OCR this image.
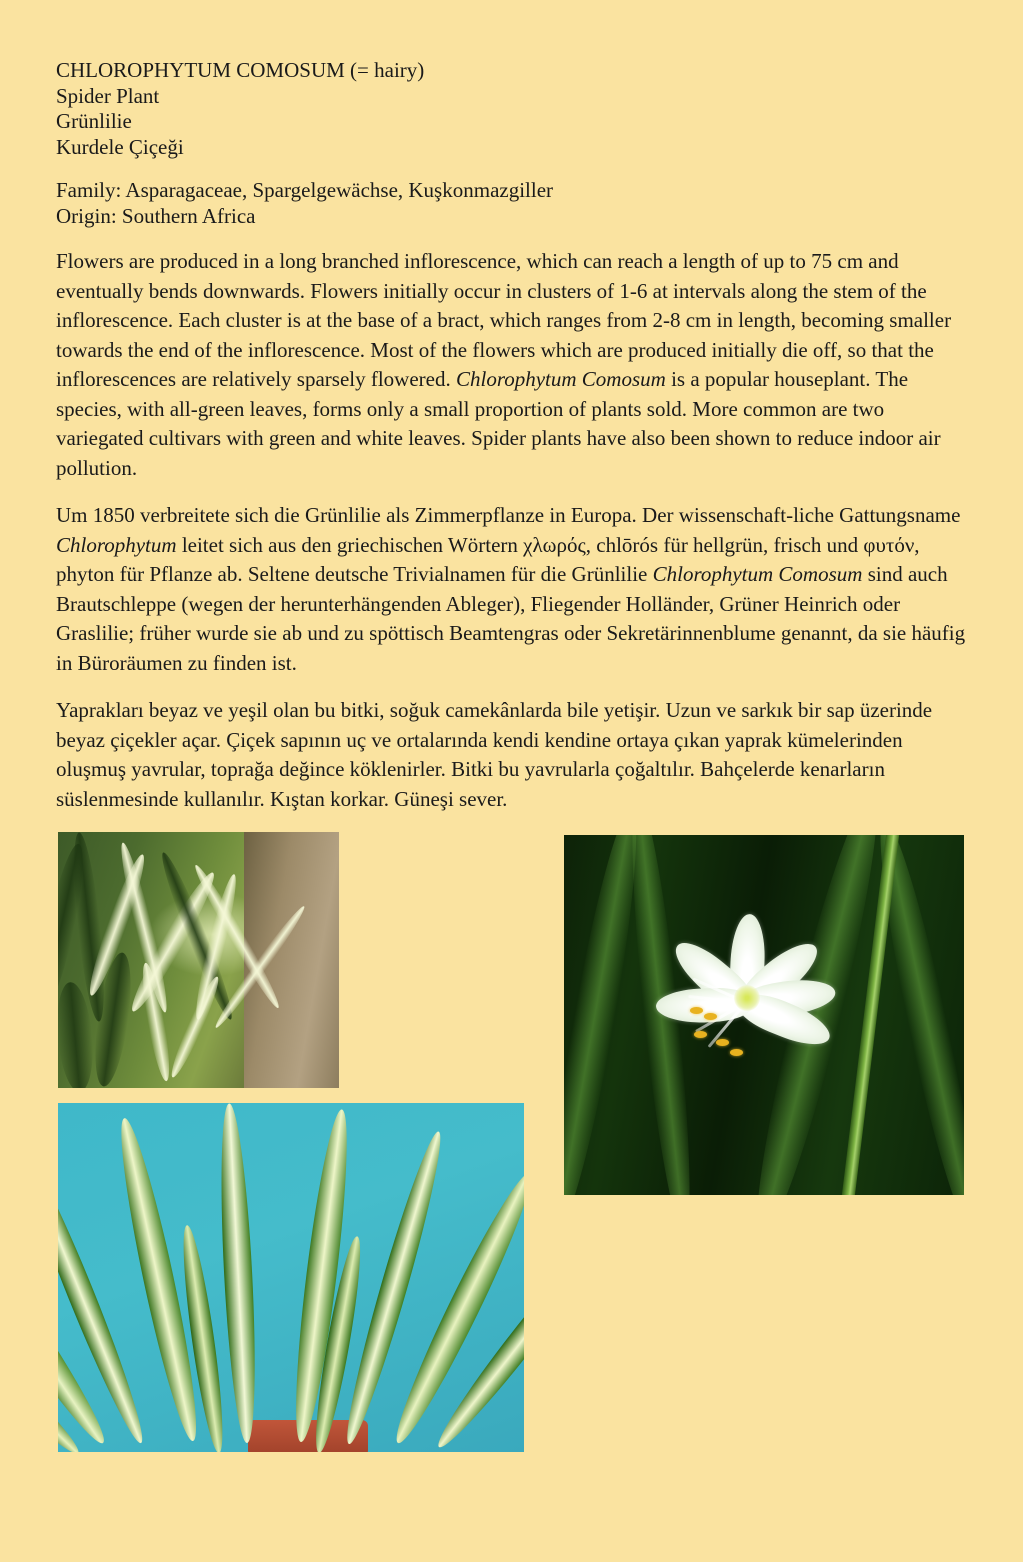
CHLOROPHYTUM COMOSUM (= hairy)
Spider Plant
Grünlilie
Kurdele Çiçeği
Family: Asparagaceae, Spargelgewächse, Kuşkonmazgiller
Origin: Southern Africa

Flowers are produced in a long branched inflorescence, which can reach a length of up to 75 cm and eventually bends downwards. Flowers initially occur in clusters of 1-6 at intervals along the stem of the inflorescence. Each cluster is at the base of a bract, which ranges from 2-8 cm in length, becoming smaller towards the end of the inflorescence. Most of the flowers which are produced initially die off, so that the inflorescences are relatively sparsely flowered. Chlorophytum Comosum is a popular houseplant. The species, with all-green leaves, forms only a small proportion of plants sold. More common are two variegated cultivars with green and white leaves. Spider plants have also been shown to reduce indoor air pollution.

Um 1850 verbreitete sich die Grünlilie als Zimmerpflanze in Europa. Der wissenschaft-liche Gattungsname Chlorophytum leitet sich aus den griechischen Wörtern χλωρός, chlōrós für hellgrün, frisch und φυτόν, phyton für Pflanze ab. Seltene deutsche Trivialnamen für die Grünlilie Chlorophytum Comosum sind auch Brautschleppe (wegen der herunterhängenden Ableger), Fliegender Holländer, Grüner Heinrich oder Graslilie; früher wurde sie ab und zu spöttisch Beamtengras oder Sekretärinnenblume genannt, da sie häufig in Büroräumen zu finden ist.

Yaprakları beyaz ve yeşil olan bu bitki, soğuk camekânlarda bile yetişir. Uzun ve sarkık bir sap üzerinde beyaz çiçekler açar. Çiçek sapının uç ve ortalarında kendi kendine ortaya çıkan yaprak kümelerinden oluşmuş yavrular, toprağa değince köklenirler. Bitki bu yavrularla çoğaltılır. Bahçelerde kenarların süslenmesinde kullanılır. Kıştan korkar. Güneşi sever.
